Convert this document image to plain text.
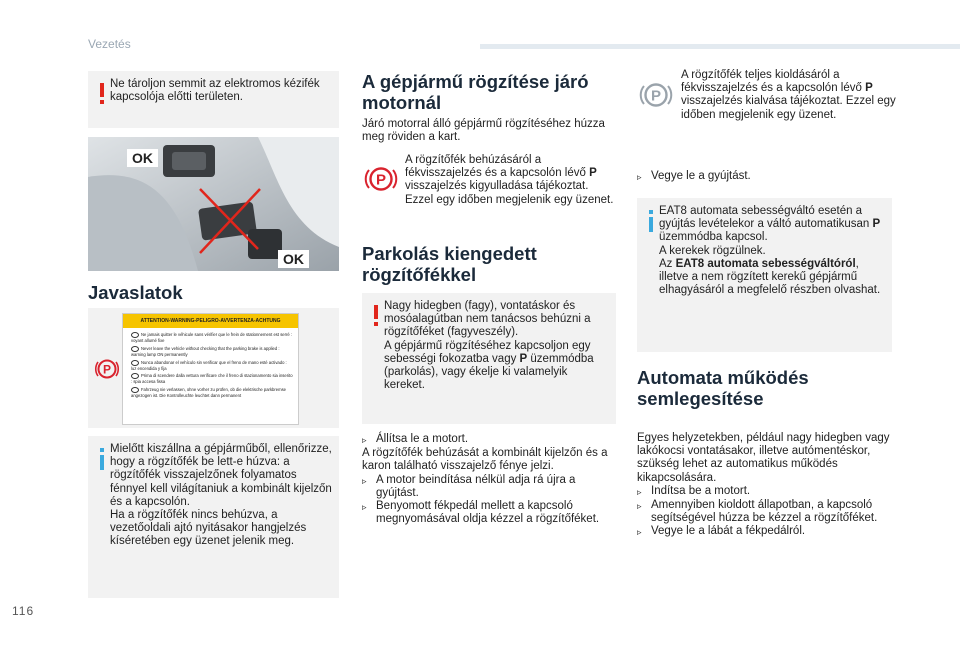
Vezetés
116
Ne tároljon semmit az elektromos kézifék kapcsolója előtti területen.
OK
OK
Javaslatok
P
ATTENTION-WARNING-PELIGRO-AVVERTENZA-ACHTUNG
Ne jamais quitter le véhicule sans vérifier que le frein de stationnement est serré : voyant allumé fixe
Never leave the vehicle without checking that the parking brake is applied : warning lamp ON permanently
Nunca abandonar el vehículo sin verificar que el freno de mano esté activado : luz encendida y fija
Prima di scendere dalla vettura verificare che il freno di stazionamento sia inserito : spia accesa fissa
Fahrzeug nie verlassen, ohne vorher zu prüfen, ob die elektrische parkbremse angezogen ist. Die Kontrolleuchte leuchtet dann permanent
Mielőtt kiszállna a gépjárműből, ellenőrizze, hogy a rögzítőfék be lett-e húzva: a rögzítőfék visszajelzőnek folyamatos fénnyel kell világítaniuk a kombinált kijelzőn és a kapcsolón.
Ha a rögzítőfék nincs behúzva, a vezetőoldali ajtó nyitásakor hangjelzés kíséretében egy üzenet jelenik meg.
A gépjármű rögzítése járó
motornál

Járó motorral álló gépjármű rögzítéséhez húzza meg röviden a kart.

P

A rögzítőfék behúzásáról a fékvisszajelzés és a kapcsolón lévő P visszajelzés kigyulladása tájékoztat. Ezzel egy időben megjelenik egy üzenet.

Parkolás kiengedett
rögzítőfékkel
Nagy hidegben (fagy), vontatáskor és mosóalagútban nem tanácsos behúzni a rögzítőféket (fagyveszély).
A gépjármű rögzítéséhez kapcsoljon egy sebességi fokozatba vagy P üzemmódba (parkolás), vagy ékelje ki valamelyik kereket.
▹ Állítsa le a motort.
A rögzítőfék behúzását a kombinált kijelzőn és a karon található visszajelző fénye jelzi.
▹ A motor beindítása nélkül adja rá újra a gyújtást.
▹ Benyomott fékpedál mellett a kapcsoló megnyomásával oldja kézzel a rögzítőféket.
P

A rögzítőfék teljes kioldásáról a fékvisszajelzés és a kapcsolón lévő P visszajelzés kialvása tájékoztat. Ezzel egy időben megjelenik egy üzenet.

▹ Vegye le a gyújtást.
EAT8 automata sebességváltó esetén a gyújtás levételekor a váltó automatikusan P üzemmódba kapcsol.
A kerekek rögzülnek.
Az EAT8 automata sebességváltóról, illetve a nem rögzített kerekű gépjármű elhagyásáról a megfelelő részben olvashat.
Automata működés
semlegesítése
Egyes helyzetekben, például nagy hidegben vagy lakókocsi vontatásakor, illetve autómentéskor, szükség lehet az automatikus működés kikapcsolására.
▹ Indítsa be a motort.
▹ Amennyiben kioldott állapotban, a kapcsoló segítségével húzza be kézzel a rögzítőféket.
▹ Vegye le a lábát a fékpedálról.
